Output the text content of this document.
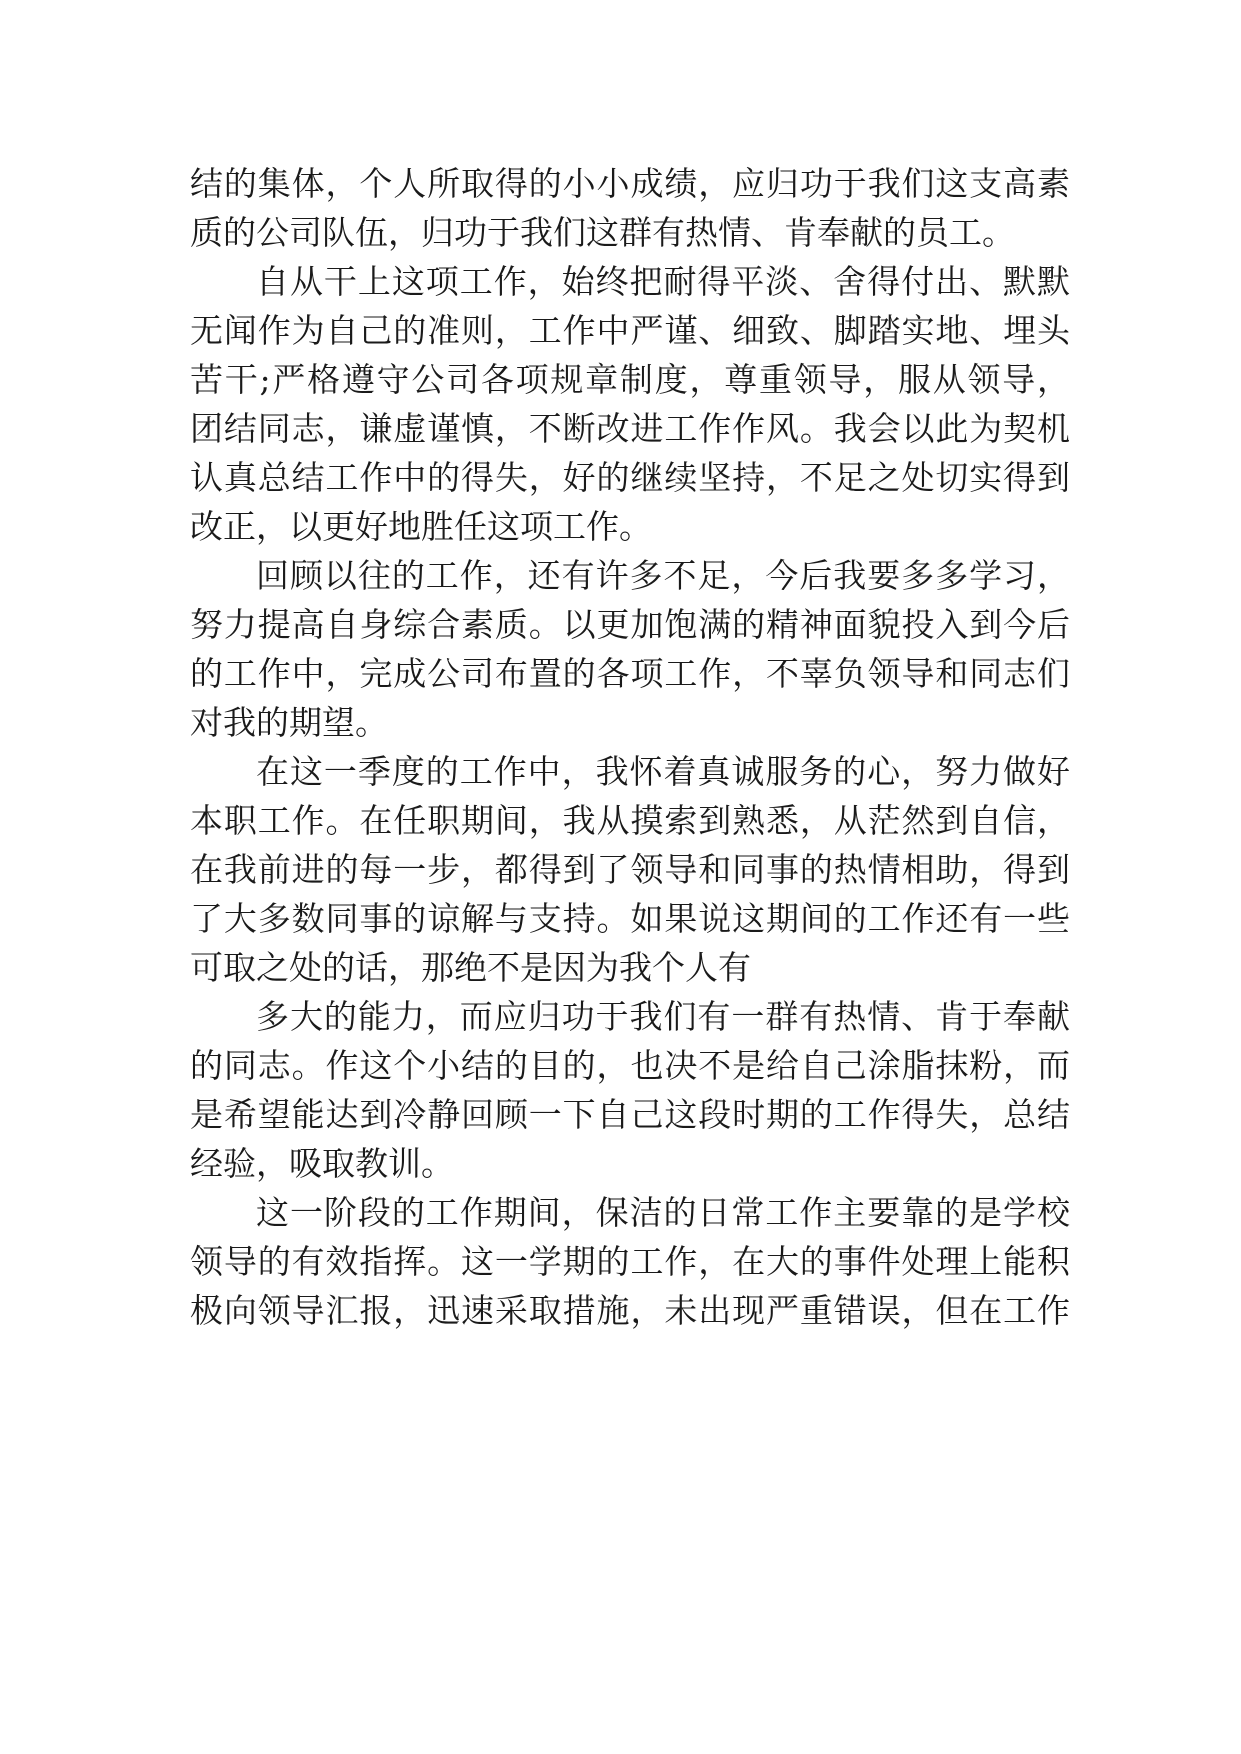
结的集体，个人所取得的小小成绩，应归功于我们这支高素

质的公司队伍，归功于我们这群有热情、肯奉献的员工。

自从干上这项工作，始终把耐得平淡、舍得付出、默默

无闻作为自己的准则，工作中严谨、细致、脚踏实地、埋头

苦干;严格遵守公司各项规章制度，尊重领导，服从领导，

团结同志，谦虚谨慎，不断改进工作作风。我会以此为契机

认真总结工作中的得失，好的继续坚持，不足之处切实得到

改正，以更好地胜任这项工作。

回顾以往的工作，还有许多不足，今后我要多多学习，

努力提高自身综合素质。以更加饱满的精神面貌投入到今后

的工作中，完成公司布置的各项工作，不辜负领导和同志们

对我的期望。

在这一季度的工作中，我怀着真诚服务的心，努力做好

本职工作。在任职期间，我从摸索到熟悉，从茫然到自信，

在我前进的每一步，都得到了领导和同事的热情相助，得到

了大多数同事的谅解与支持。如果说这期间的工作还有一些

可取之处的话，那绝不是因为我个人有

多大的能力，而应归功于我们有一群有热情、肯于奉献

的同志。作这个小结的目的，也决不是给自己涂脂抹粉，而

是希望能达到冷静回顾一下自己这段时期的工作得失，总结

经验，吸取教训。

这一阶段的工作期间，保洁的日常工作主要靠的是学校

领导的有效指挥。这一学期的工作，在大的事件处理上能积

极向领导汇报，迅速采取措施，未出现严重错误，但在工作
